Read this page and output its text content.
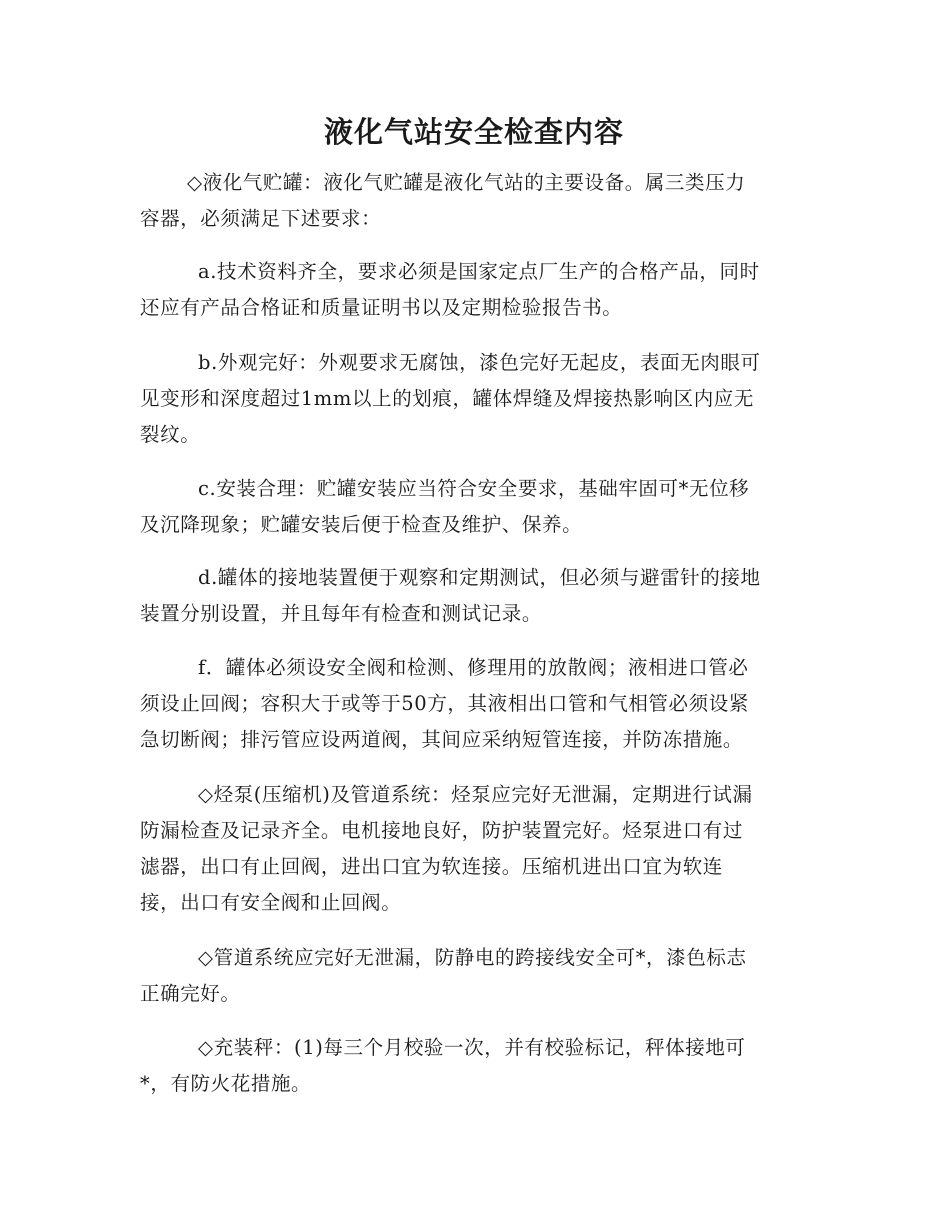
液化气站安全检查内容
◇液化气贮罐：液化气贮罐是液化气站的主要设备。属三类压力
容器，必须满足下述要求：
a.技术资料齐全，要求必须是国家定点厂生产的合格产品，同时
还应有产品合格证和质量证明书以及定期检验报告书。
b.外观完好：外观要求无腐蚀，漆色完好无起皮，表面无肉眼可
见变形和深度超过1mm以上的划痕，罐体焊缝及焊接热影响区内应无
裂纹。
c.安装合理：贮罐安装应当符合安全要求，基础牢固可*无位移
及沉降现象；贮罐安装后便于检查及维护、保养。
d.罐体的接地装置便于观察和定期测试，但必须与避雷针的接地
装置分别设置，并且每年有检查和测试记录。
f．罐体必须设安全阀和检测、修理用的放散阀；液相进口管必
须设止回阀；容积大于或等于50方，其液相出口管和气相管必须设紧
急切断阀；排污管应设两道阀，其间应采纳短管连接，并防冻措施。
◇烃泵(压缩机)及管道系统：烃泵应完好无泄漏，定期进行试漏
防漏检查及记录齐全。电机接地良好，防护装置完好。烃泵进口有过
滤器，出口有止回阀，进出口宜为软连接。压缩机进出口宜为软连
接，出口有安全阀和止回阀。
◇管道系统应完好无泄漏，防静电的跨接线安全可*，漆色标志
正确完好。
◇充装秤：(1)每三个月校验一次，并有校验标记，秤体接地可
*，有防火花措施。
